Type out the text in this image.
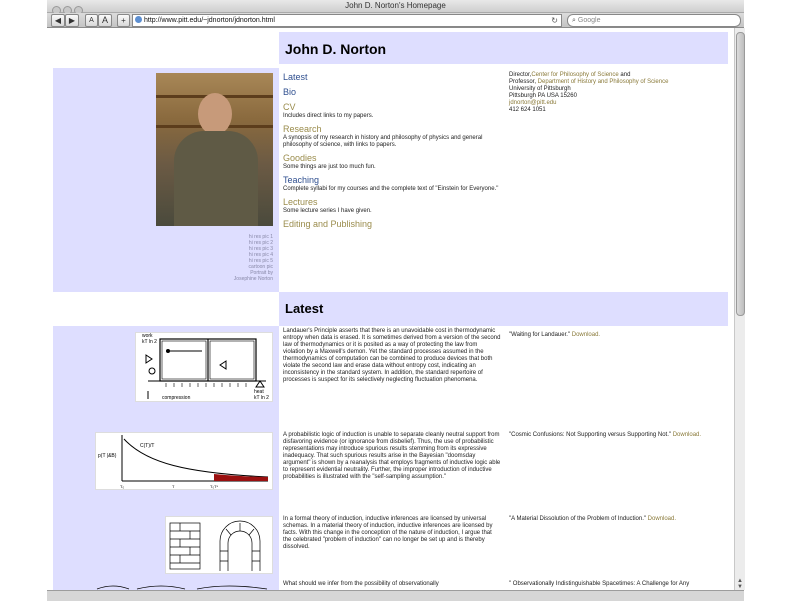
John D. Norton's Homepage
◀ ▶	A A	+	http://www.pitt.edu/~jdnorton/jdnorton.html	↻	⌕ Google
John D. Norton
hi res pic 1
hi res pic 2
hi res pic 3
hi res pic 4
hi res pic 5
cartoon pic
Portrait by
Josephine Norton
Latest
Bio
CV
Includes direct links to my papers.
Research
A synopsis of my research in history and philosophy of physics and general philosophy of science, with links to papers.
Goodies
Some things are just too much fun.
Teaching
Complete syllabi for my courses and the complete text of "Einstein for Everyone."
Lectures
Some lecture series I have given.
Editing and Publishing
Director,Center for Philosophy of Science and
Professor, Department of History and Philosophy of Science
University of Pittsburgh
Pittsburgh PA USA 15260
jdnorton@pitt.edu
412 624 1051
Latest
work
kT ln 2
heat
kT ln 2
compression
p(T |&B)
C(T)/T
T₀	T	T₀T*
Landauer's Principle asserts that there is an unavoidable cost in thermodynamic entropy when data is erased. It is sometimes derived from a version of the second law of thermodynamics or it is posited as a way of protecting the law from violation by a Maxwell's demon. Yet the standard processes assumed in the thermodynamics of computation can be combined to produce devices that both violate the second law and erase data without entropy cost, indicating an inconsistency in the standard system. In addition, the standard repertoire of processes is suspect for its selectively neglecting fluctuation phenomena.
"Waiting for Landauer." Download.
A probabilistic logic of induction is unable to separate cleanly neutral support from disfavoring evidence (or ignorance from disbelief). Thus, the use of probabilistic representations may introduce spurious results stemming from its expressive inadequacy. That such spurious results arise in the Bayesian "doomsday argument" is shown by a reanalysis that employs fragments of inductive logic able to represent evidential neutrality. Further, the improper introduction of inductive probabilities is illustrated with the "self-sampling assumption."
"Cosmic Confusions: Not Supporting versus Supporting Not." Download.
In a formal theory of induction, inductive inferences are licensed by universal schemas. In a material theory of induction, inductive inferences are licensed by facts. With this change in the conception of the nature of induction, I argue that the celebrated "problem of induction" can no longer be set up and is thereby dissolved.
"A Material Dissolution of the Problem of Induction." Download.
What should we infer from the possibility of observationally	" Observationally Indistinguishable Spacetimes: A Challenge for Any	▲
▼
